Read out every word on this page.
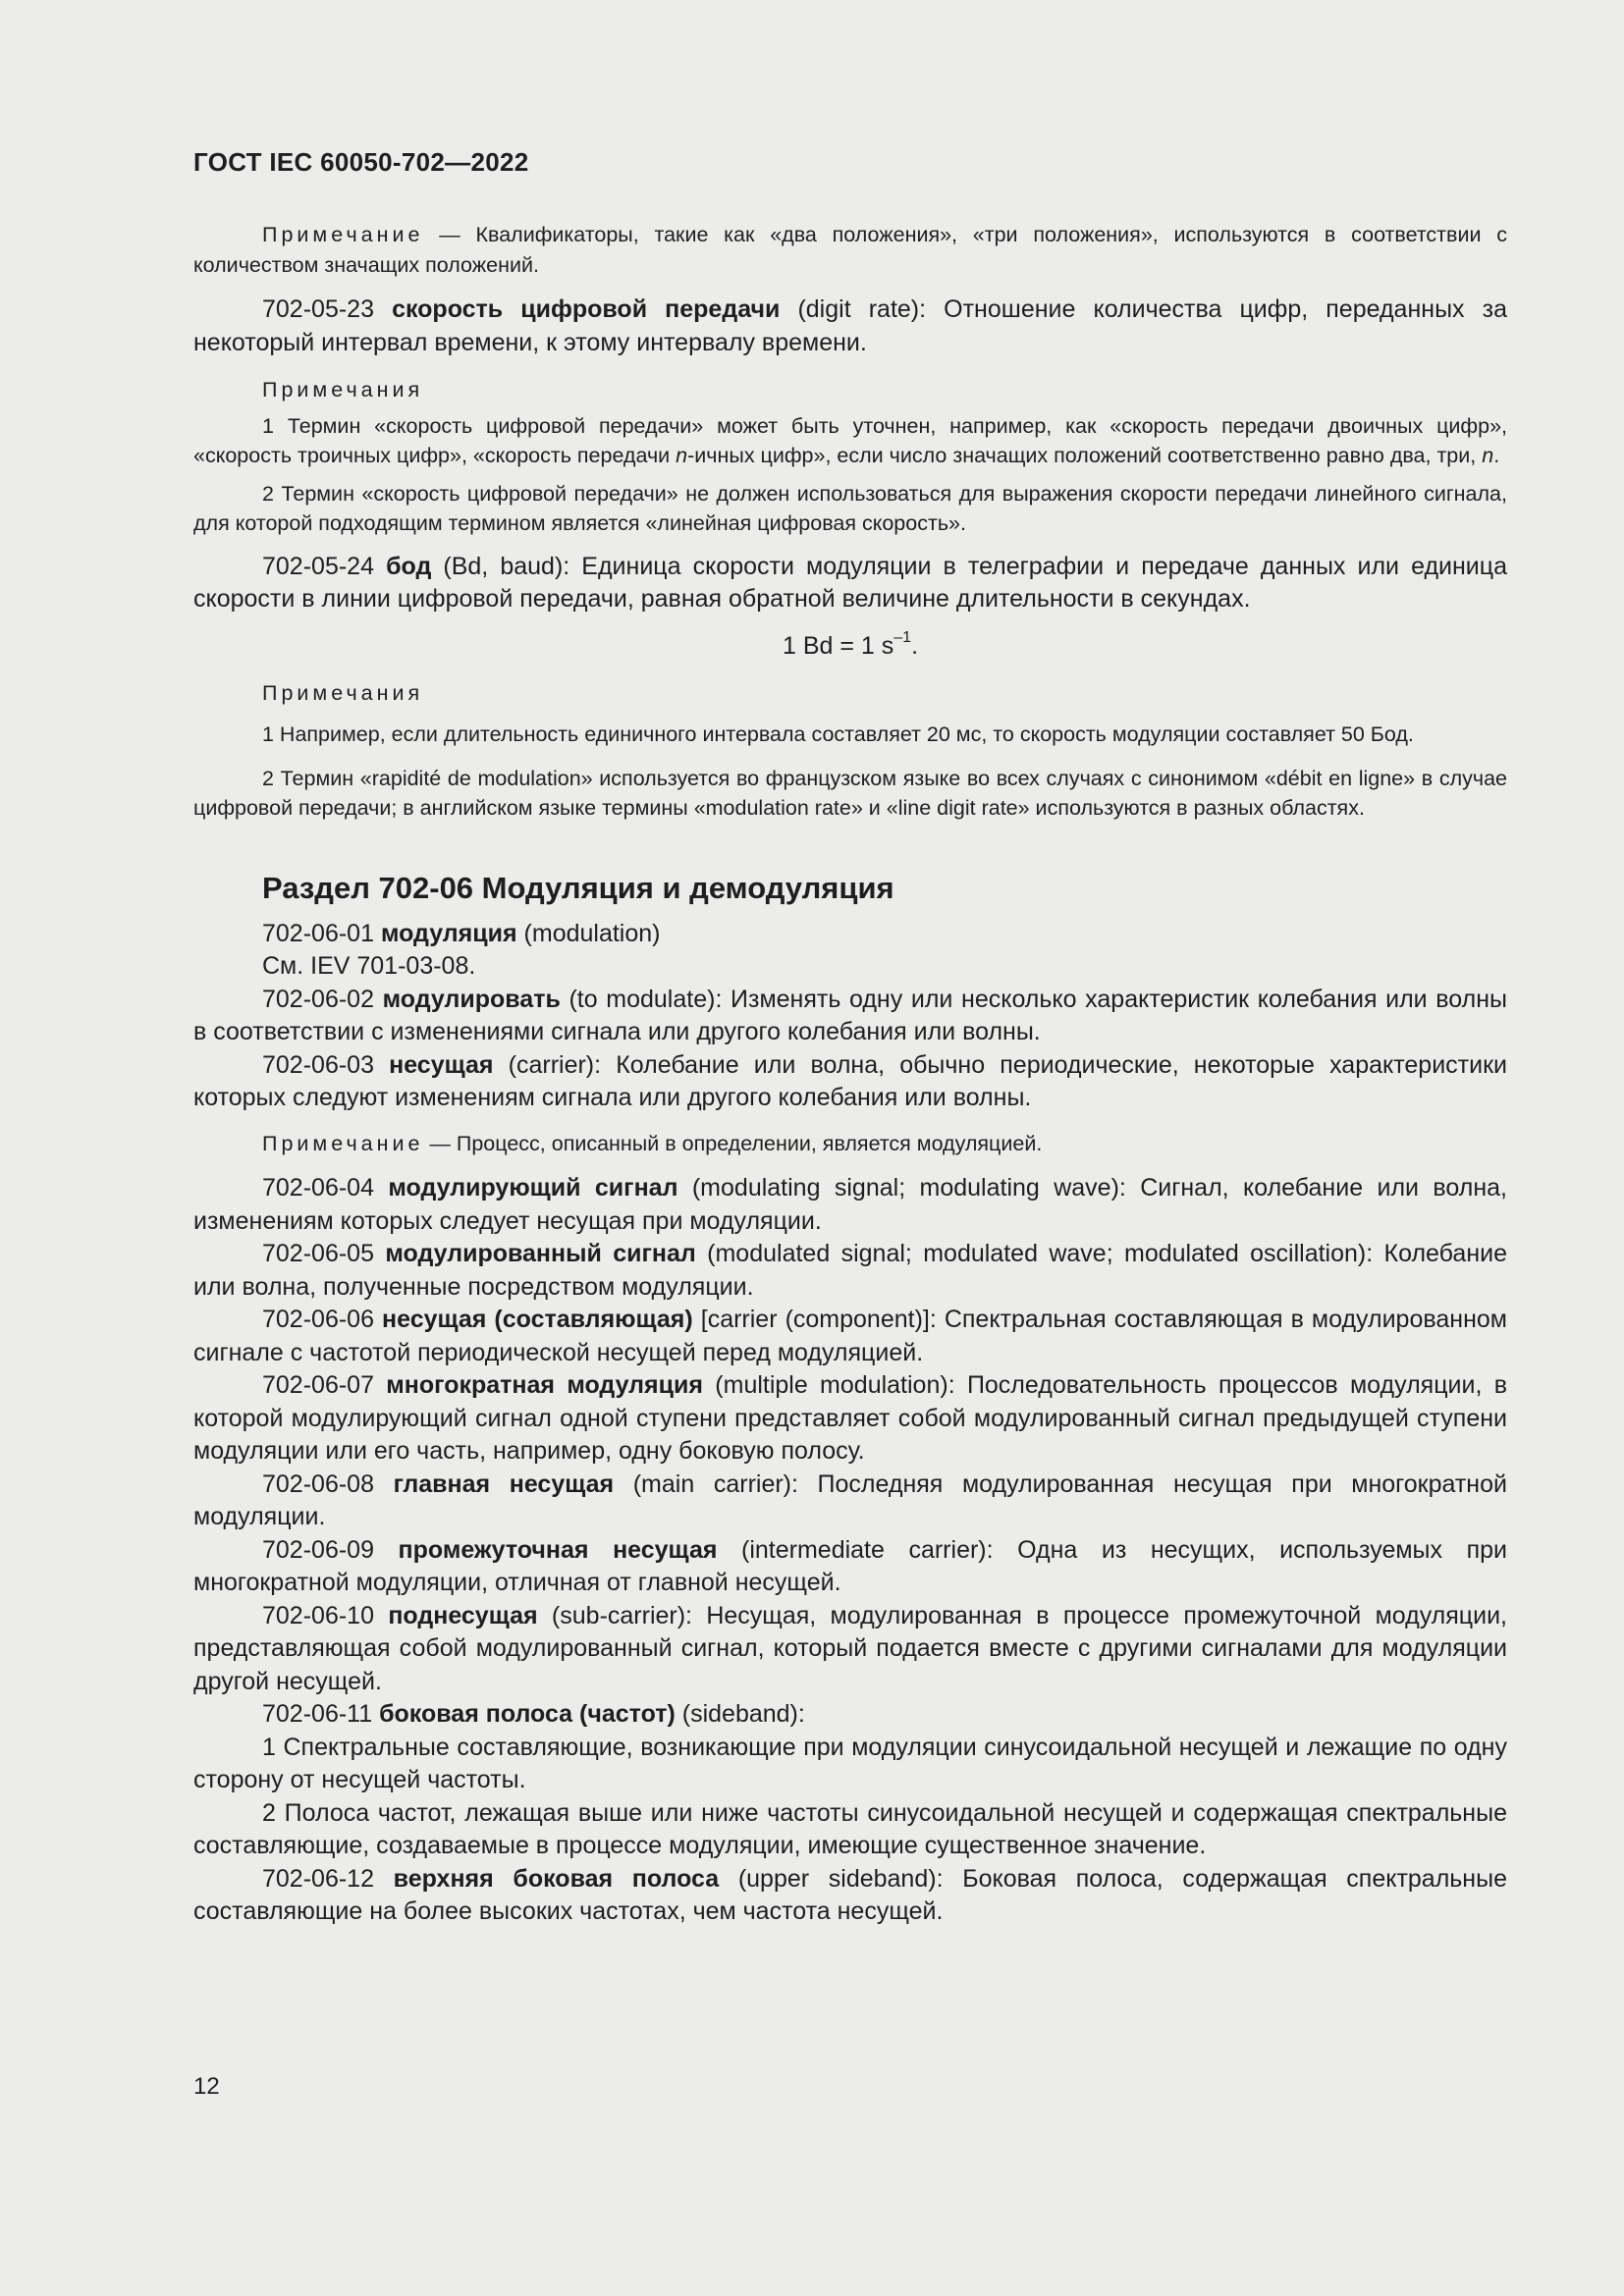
ГОСТ IEC 60050-702—2022

Примечание — Квалификаторы, такие как «два положения», «три положения», используются в соответствии с количеством значащих положений.

702-05-23 скорость цифровой передачи (digit rate): Отношение количества цифр, переданных за некоторый интервал времени, к этому интервалу времени.

Примечания

1 Термин «скорость цифровой передачи» может быть уточнен, например, как «скорость передачи двоичных цифр», «скорость троичных цифр», «скорость передачи n-ичных цифр», если число значащих положений соответственно равно два, три, n.

2 Термин «скорость цифровой передачи» не должен использоваться для выражения скорости передачи линейного сигнала, для которой подходящим термином является «линейная цифровая скорость».

702-05-24 бод (Bd, baud): Единица скорости модуляции в телеграфии и передаче данных или единица скорости в линии цифровой передачи, равная обратной величине длительности в секундах.

1 Bd = 1 $s^{-1}$.

Примечания

1 Например, если длительность единичного интервала составляет 20 мс, то скорость модуляции составляет 50 Бод.

2 Термин «rapidité de modulation» используется во французском языке во всех случаях с синонимом «débit en ligne» в случае цифровой передачи; в английском языке термины «modulation rate» и «line digit rate» используются в разных областях.

Раздел 702-06 Модуляция и демодуляция

702-06-01 модуляция (modulation)

См. IEV 701-03-08.

702-06-02 модулировать (to modulate): Изменять одну или несколько характеристик колебания или волны в соответствии с изменениями сигнала или другого колебания или волны.

702-06-03 несущая (carrier): Колебание или волна, обычно периодические, некоторые характеристики которых следуют изменениям сигнала или другого колебания или волны.

Примечание — Процесс, описанный в определении, является модуляцией.

702-06-04 модулирующий сигнал (modulating signal; modulating wave): Сигнал, колебание или волна, изменениям которых следует несущая при модуляции.

702-06-05 модулированный сигнал (modulated signal; modulated wave; modulated oscillation): Колебание или волна, полученные посредством модуляции.

702-06-06 несущая (составляющая) [carrier (component)]: Спектральная составляющая в модулированном сигнале с частотой периодической несущей перед модуляцией.

702-06-07 многократная модуляция (multiple modulation): Последовательность процессов модуляции, в которой модулирующий сигнал одной ступени представляет собой модулированный сигнал предыдущей ступени модуляции или его часть, например, одну боковую полосу.

702-06-08 главная несущая (main carrier): Последняя модулированная несущая при многократной модуляции.

702-06-09 промежуточная несущая (intermediate carrier): Одна из несущих, используемых при многократной модуляции, отличная от главной несущей.

702-06-10 поднесущая (sub-carrier): Несущая, модулированная в процессе промежуточной модуляции, представляющая собой модулированный сигнал, который подается вместе с другими сигналами для модуляции другой несущей.

702-06-11 боковая полоса (частот) (sideband):

1 Спектральные составляющие, возникающие при модуляции синусоидальной несущей и лежащие по одну сторону от несущей частоты.

2 Полоса частот, лежащая выше или ниже частоты синусоидальной несущей и содержащая спектральные составляющие, создаваемые в процессе модуляции, имеющие существенное значение.

702-06-12 верхняя боковая полоса (upper sideband): Боковая полоса, содержащая спектральные составляющие на более высоких частотах, чем частота несущей.

12
